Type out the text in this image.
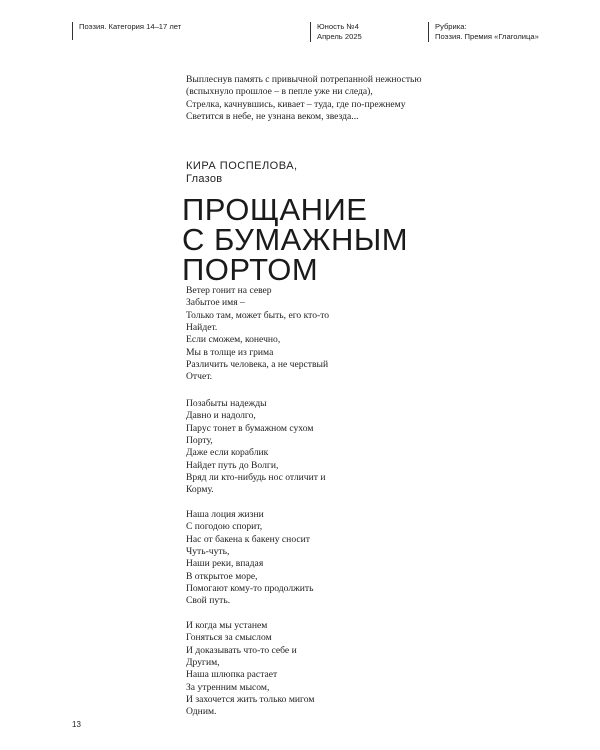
Поэзия. Категория 14–17 лет	Юность №4
Апрель 2025
Рубрика:
Поэзия. Премия «Глаголица»
Выплеснув память с привычной потрепанной нежностью
(вспыхнуло прошлое – в пепле уже ни следа),
Стрелка, качнувшись, кивает – туда, где по-прежнему
Светится в небе, не узнана веком, звезда...
КИРА ПОСПЕЛОВА,
Глазов
ПРОЩАНИЕ
С БУМАЖНЫМ
ПОРТОМ
Ветер гонит на север
Забытое имя –
Только там, может быть, его кто-то
Найдет.
Если сможем, конечно,
Мы в толще из грима
Различить человека, а не черствый
Отчет.
Позабыты надежды
Давно и надолго,
Парус тонет в бумажном сухом
Порту,
Даже если кораблик
Найдет путь до Волги,
Вряд ли кто-нибудь нос отличит и
Корму.
Наша лоция жизни
С погодою спорит,
Нас от бакена к бакену сносит
Чуть-чуть,
Наши реки, впадая
В открытое море,
Помогают кому-то продолжить
Свой путь.
И когда мы устанем
Гоняться за смыслом
И доказывать что-то себе и
Другим,
Наша шлюпка растает
За утренним мысом,
И захочется жить только мигом
Одним.
13
